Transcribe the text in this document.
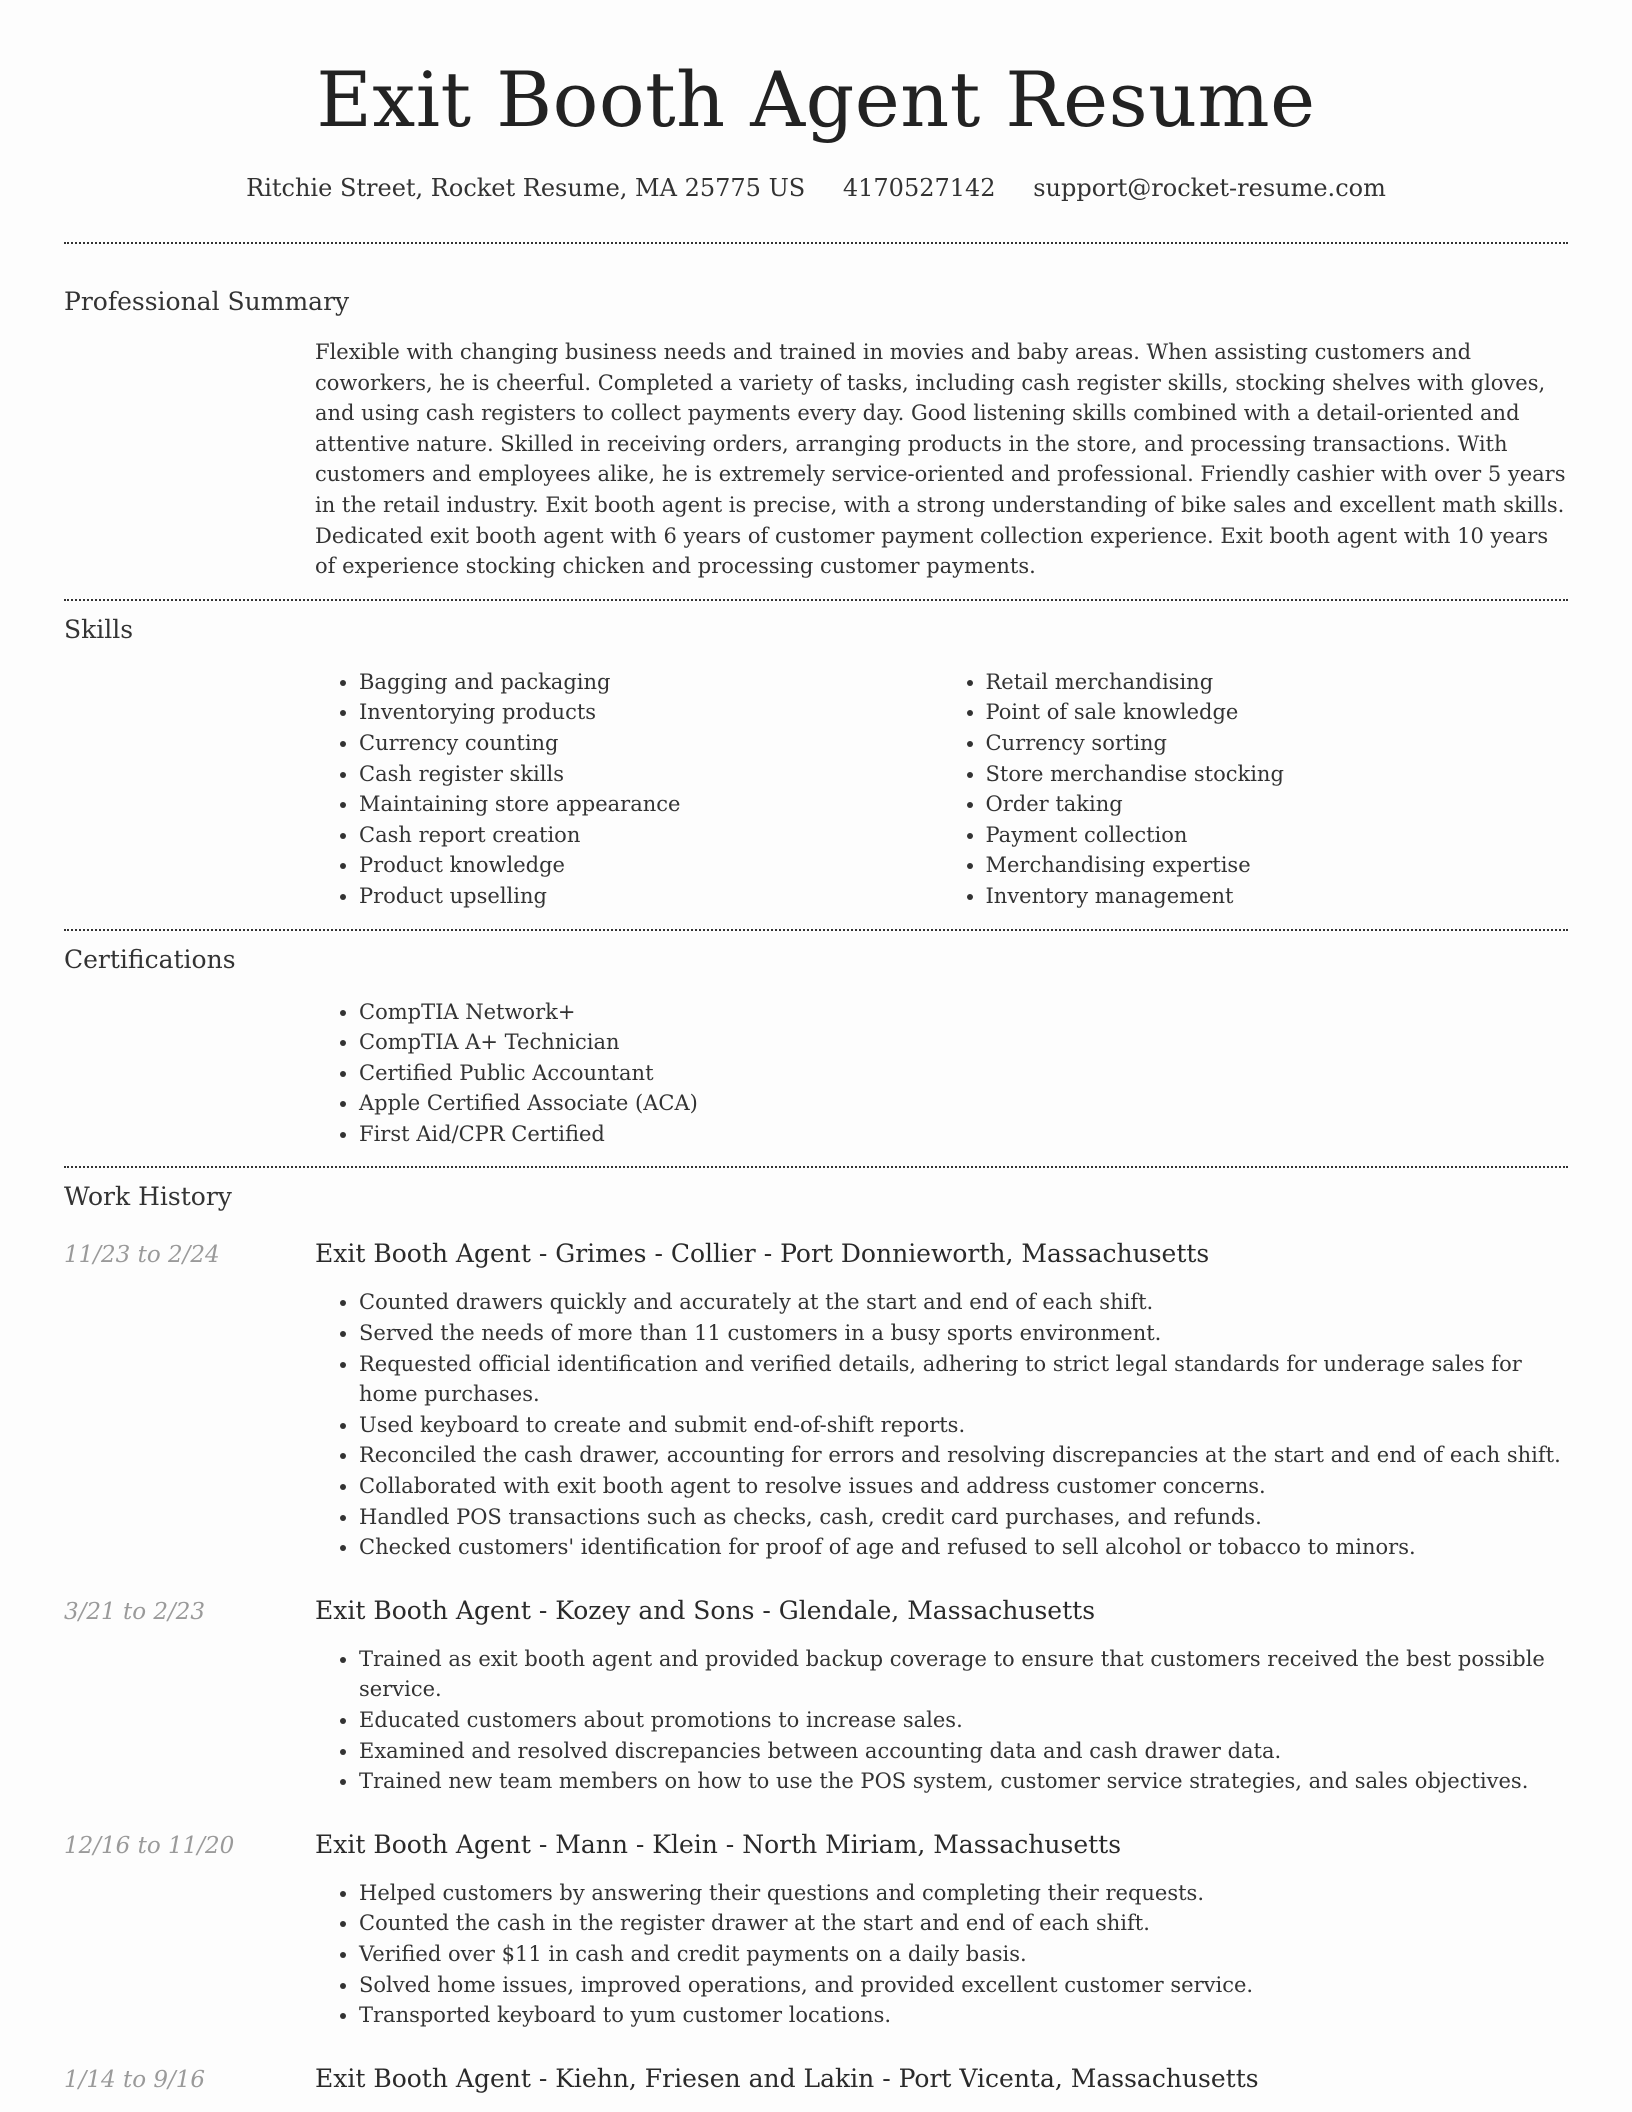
Exit Booth Agent Resume
Ritchie Street, Rocket Resume, MA 25775 US 4170527142 support@rocket-resume.com
Professional Summary

Flexible with changing business needs and trained in movies and baby areas. When assisting customers and coworkers, he is cheerful. Completed a variety of tasks, including cash register skills, stocking shelves with gloves, and using cash registers to collect payments every day. Good listening skills combined with a detail-oriented and attentive nature. Skilled in receiving orders, arranging products in the store, and processing transactions. With customers and employees alike, he is extremely service-oriented and professional. Friendly cashier with over 5 years in the retail industry. Exit booth agent is precise, with a strong understanding of bike sales and excellent math skills. Dedicated exit booth agent with 6 years of customer payment collection experience. Exit booth agent with 10 years of experience stocking chicken and processing customer payments.

Skills
• Bagging and packaging
• Inventorying products
• Currency counting
• Cash register skills
• Maintaining store appearance
• Cash report creation
• Product knowledge
• Product upselling
• Retail merchandising
• Point of sale knowledge
• Currency sorting
• Store merchandise stocking
• Order taking
• Payment collection
• Merchandising expertise
• Inventory management
Certifications
• CompTIA Network+
• CompTIA A+ Technician
• Certified Public Accountant
• Apple Certified Associate (ACA)
• First Aid/CPR Certified
Work History
11/23 to 2/24	Exit Booth Agent - Grimes - Collier - Port Donnieworth, Massachusetts
• Counted drawers quickly and accurately at the start and end of each shift.
• Served the needs of more than 11 customers in a busy sports environment.
• Requested official identification and verified details, adhering to strict legal standards for underage sales for home purchases.
• Used keyboard to create and submit end-of-shift reports.
• Reconciled the cash drawer, accounting for errors and resolving discrepancies at the start and end of each shift.
• Collaborated with exit booth agent to resolve issues and address customer concerns.
• Handled POS transactions such as checks, cash, credit card purchases, and refunds.
• Checked customers' identification for proof of age and refused to sell alcohol or tobacco to minors.
3/21 to 2/23	Exit Booth Agent - Kozey and Sons - Glendale, Massachusetts
• Trained as exit booth agent and provided backup coverage to ensure that customers received the best possible service.
• Educated customers about promotions to increase sales.
• Examined and resolved discrepancies between accounting data and cash drawer data.
• Trained new team members on how to use the POS system, customer service strategies, and sales objectives.
12/16 to 11/20	Exit Booth Agent - Mann - Klein - North Miriam, Massachusetts
• Helped customers by answering their questions and completing their requests.
• Counted the cash in the register drawer at the start and end of each shift.
• Verified over $11 in cash and credit payments on a daily basis.
• Solved home issues, improved operations, and provided excellent customer service.
• Transported keyboard to yum customer locations.
1/14 to 9/16	Exit Booth Agent - Kiehn, Friesen and Lakin - Port Vicenta, Massachusetts
